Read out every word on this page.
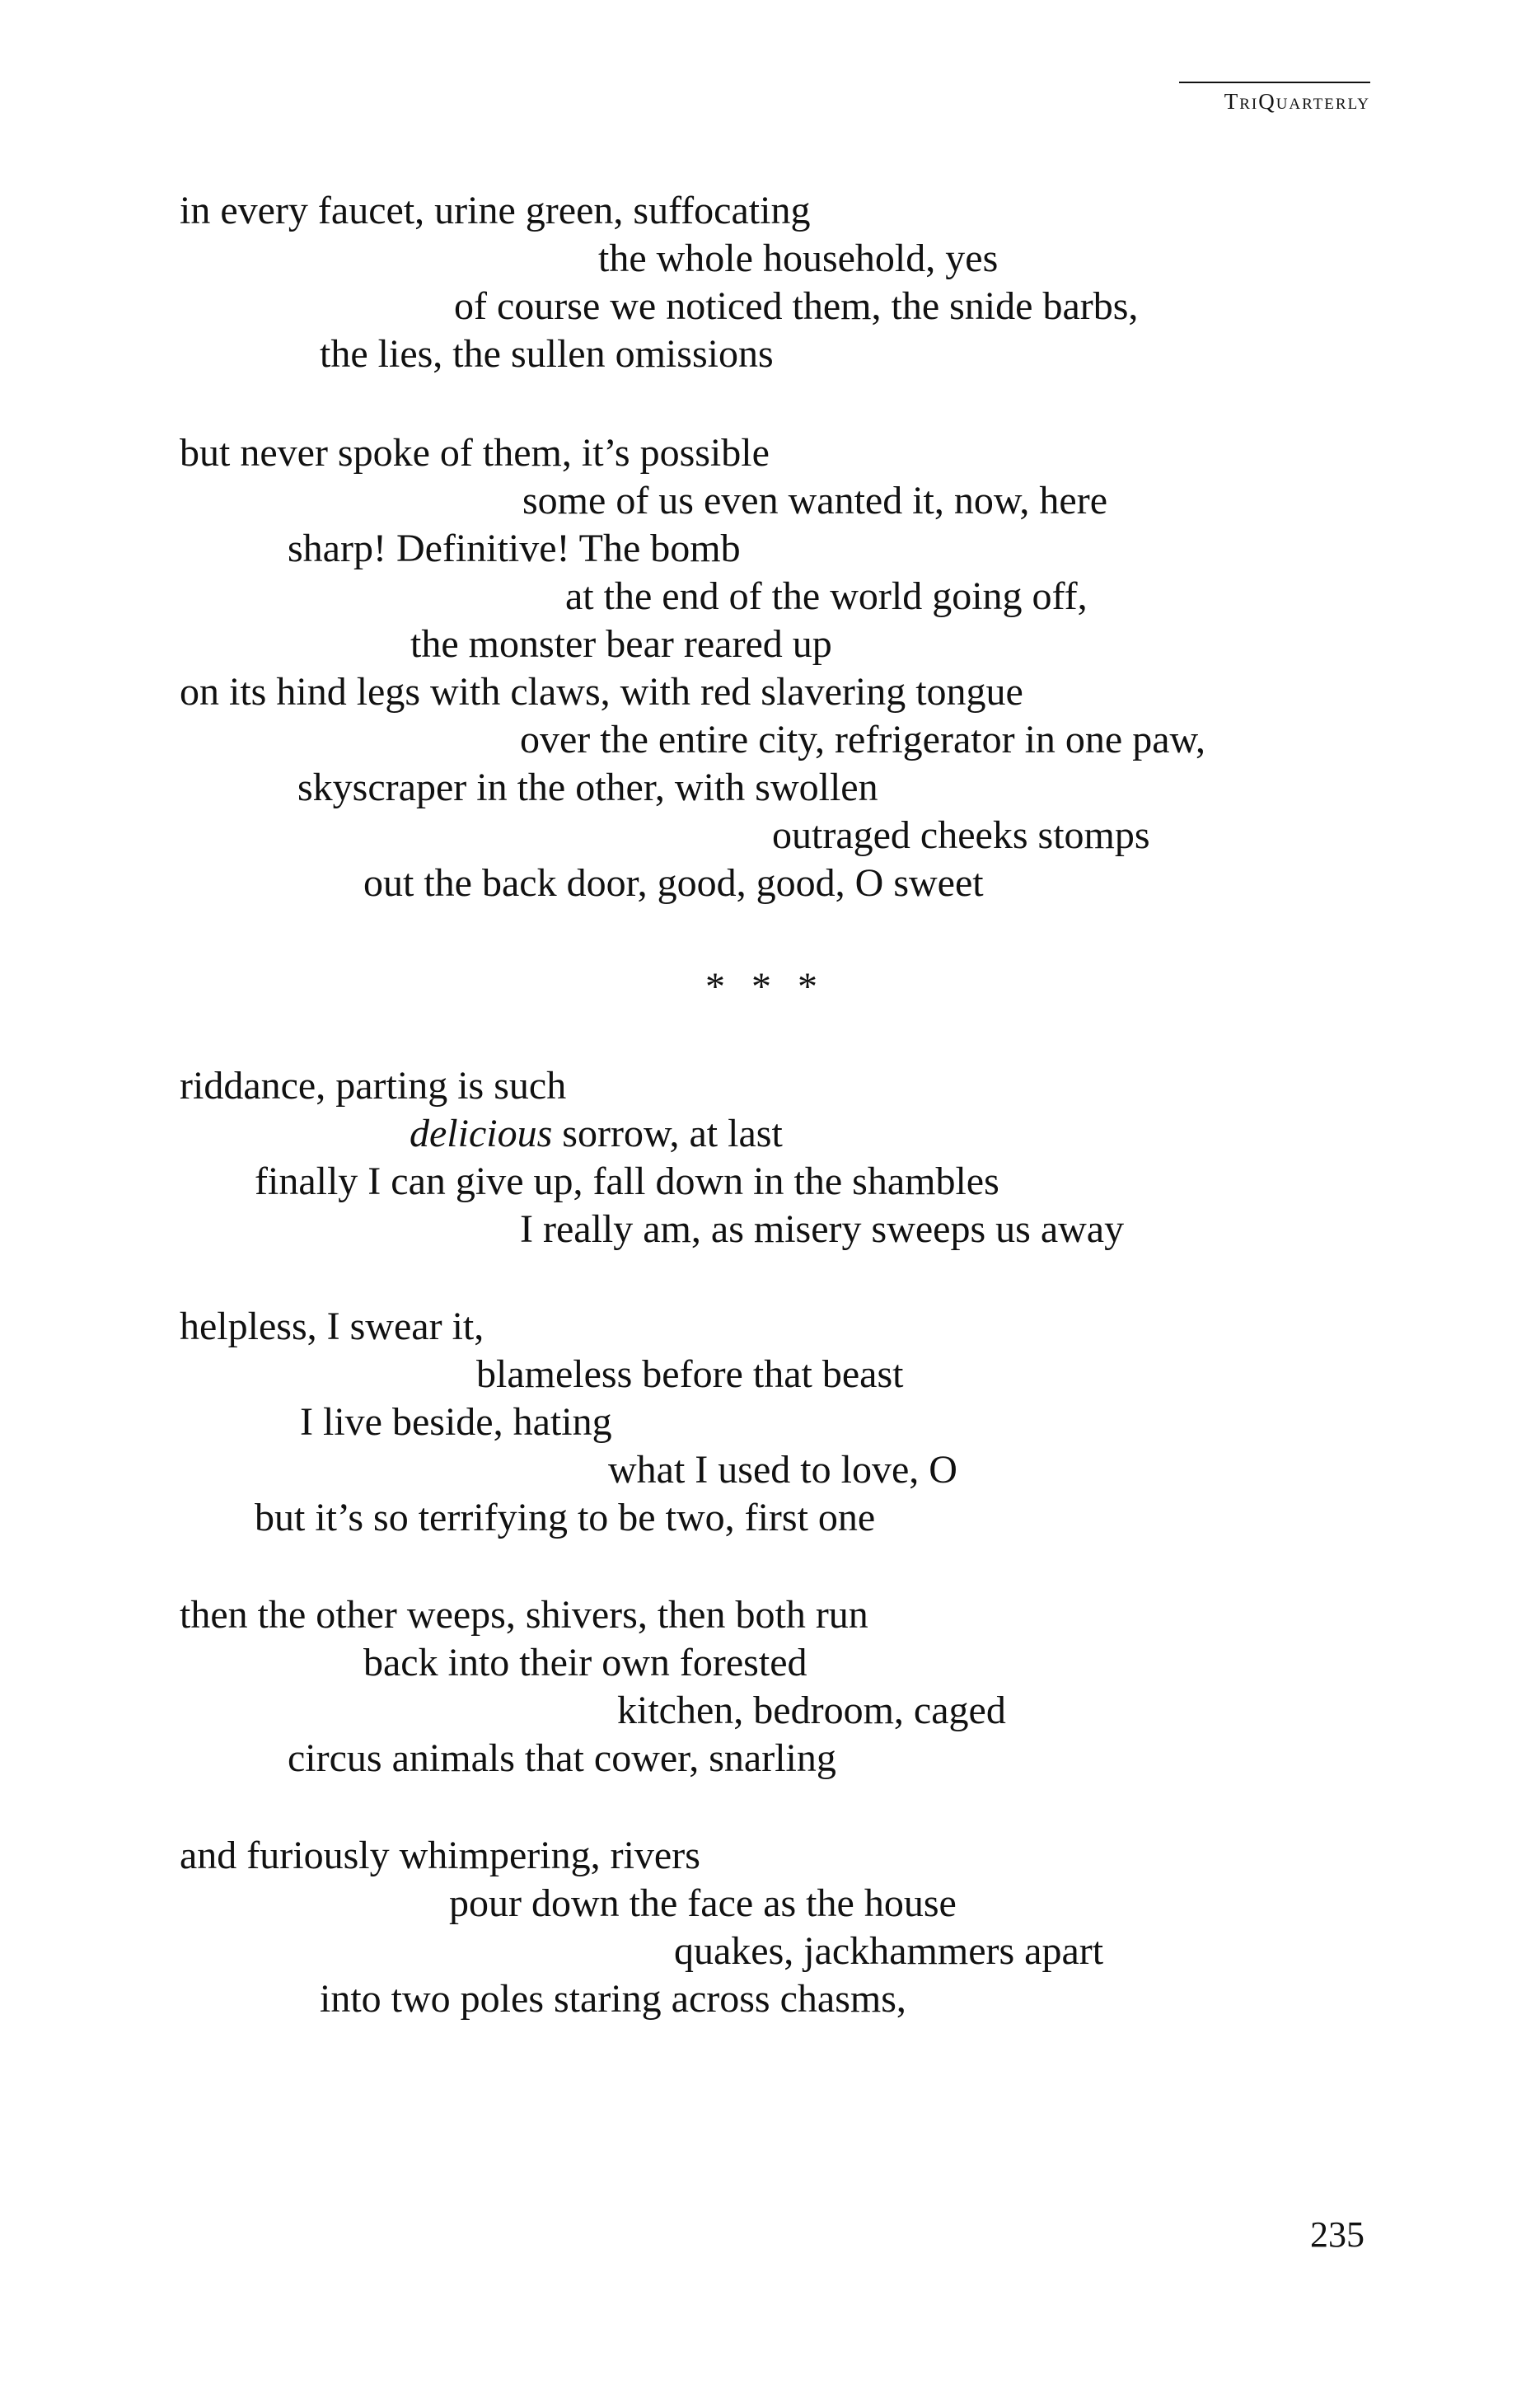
TriQuarterly
in every faucet, urine green, suffocating
the whole household, yes
of course we noticed them, the snide barbs,
the lies, the sullen omissions
but never spoke of them, it’s possible
some of us even wanted it, now, here
sharp! Definitive! The bomb
at the end of the world going off,
the monster bear reared up
on its hind legs with claws, with red slavering tongue
over the entire city, refrigerator in one paw,
skyscraper in the other, with swollen
outraged cheeks stomps
out the back door, good, good, O sweet
* * *
riddance, parting is such
delicious sorrow, at last
finally I can give up, fall down in the shambles
I really am, as misery sweeps us away
helpless, I swear it,
blameless before that beast
I live beside, hating
what I used to love, O
but it’s so terrifying to be two, first one
then the other weeps, shivers, then both run
back into their own forested
kitchen, bedroom, caged
circus animals that cower, snarling
and furiously whimpering, rivers
pour down the face as the house
quakes, jackhammers apart
into two poles staring across chasms,
235
